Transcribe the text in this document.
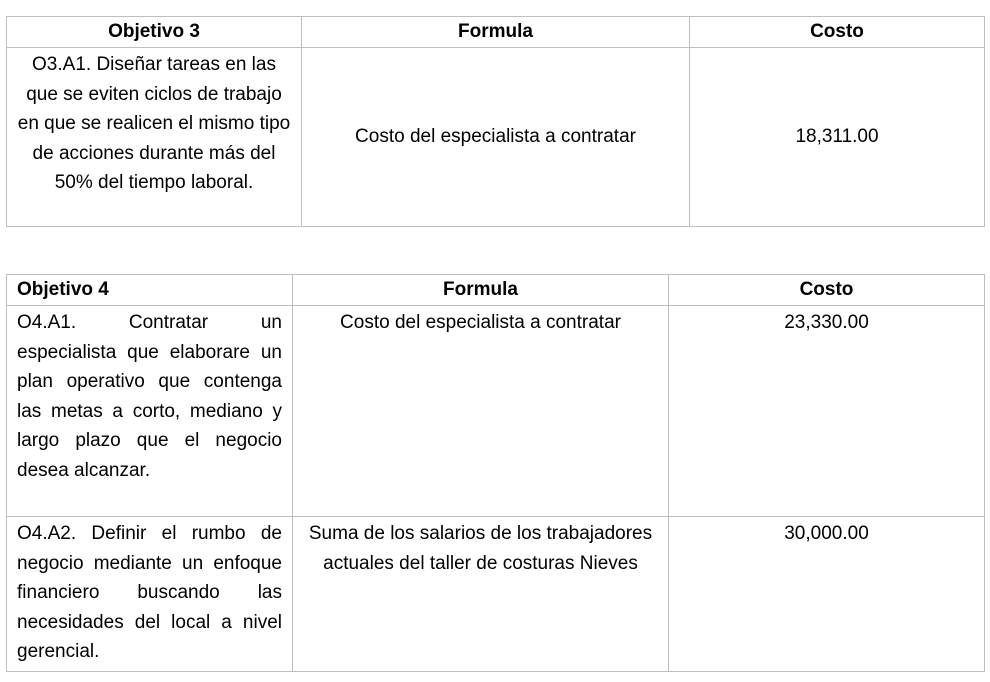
Objetivo 3	Formula	Costo
O3.A1. Diseñar tareas en las que se eviten ciclos de trabajo en que se realicen el mismo tipo de acciones durante más del 50% del tiempo laboral.	Costo del especialista a contratar	18,311.00
Objetivo 4	Formula	Costo
O4.A1. Contratar un especialista que elaborare un plan operativo que contenga las metas a corto, mediano y largo plazo que el negocio desea alcanzar.	Costo del especialista a contratar	23,330.00
O4.A2. Definir el rumbo de negocio mediante un enfoque financiero buscando las necesidades del local a nivel gerencial.	Suma de los salarios de los trabajadores actuales del taller de costuras Nieves	30,000.00
